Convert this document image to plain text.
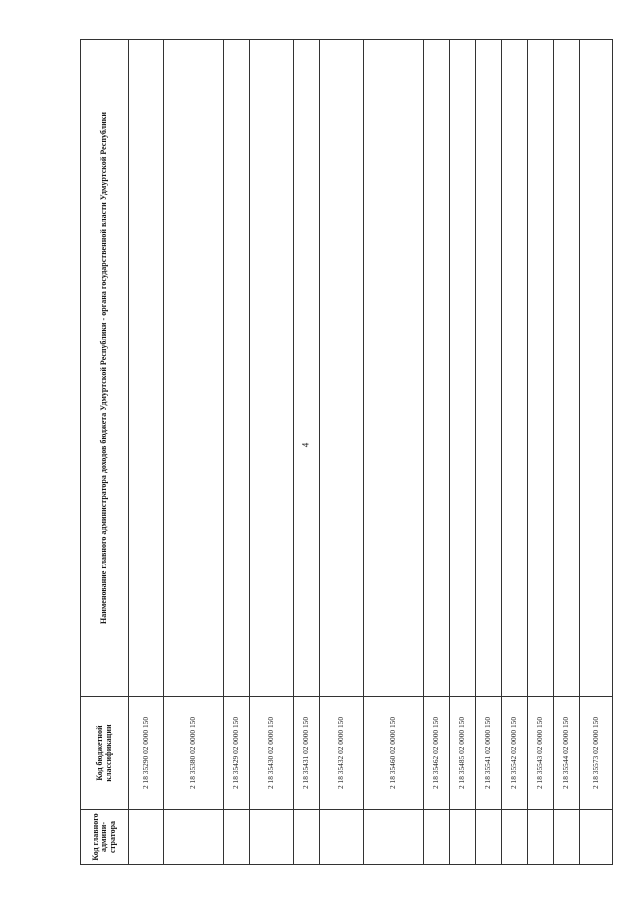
4
Код главного админи-стратора	Код бюджетной классификации	Наименование главного администратора доходов бюджета Удмуртской Республики - органа государственной власти Удмуртской Республики
	2 18 35290 02 0000 150	
	2 18 35380 02 0000 150	
	2 18 35429 02 0000 150	
	2 18 35430 02 0000 150	
	2 18 35431 02 0000 150	
	2 18 35432 02 0000 150	
	2 18 35460 02 0000 150	
	2 18 35462 02 0000 150	
	2 18 35485 02 0000 150	
	2 18 35541 02 0000 150	
	2 18 35542 02 0000 150	
	2 18 35543 02 0000 150	
	2 18 35544 02 0000 150	
	2 18 35573 02 0000 150	
